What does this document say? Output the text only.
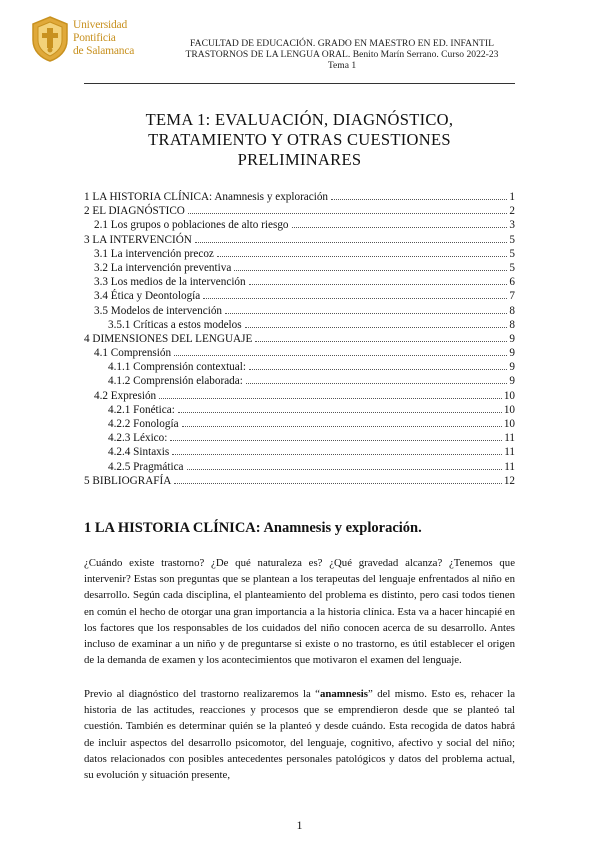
Universidad
Pontificia
de Salamanca
FACULTAD DE EDUCACIÓN. GRADO EN MAESTRO EN ED. INFANTIL
TRASTORNOS DE LA LENGUA ORAL. Benito Marín Serrano. Curso 2022-23
Tema 1
TEMA 1: EVALUACIÓN, DIAGNÓSTICO,
TRATAMIENTO Y OTRAS CUESTIONES
PRELIMINARES
1 LA HISTORIA CLÍNICA: Anamnesis y exploración	1
2 EL DIAGNÓSTICO	2
2.1 Los grupos o poblaciones de alto riesgo	3
3 LA INTERVENCIÓN	5
3.1 La intervención precoz	5
3.2 La intervención preventiva	5
3.3 Los medios de la intervención	6
3.4 Ética y Deontología	7
3.5 Modelos de intervención	8
3.5.1 Críticas a estos modelos	8
4 DIMENSIONES DEL LENGUAJE	9
4.1 Comprensión	9
4.1.1 Comprensión contextual:	9
4.1.2 Comprensión elaborada:	9
4.2 Expresión	10
4.2.1 Fonética:	10
4.2.2 Fonología	10
4.2.3 Léxico:	11
4.2.4 Sintaxis	11
4.2.5 Pragmática	11
5 BIBLIOGRAFÍA	12
1 LA HISTORIA CLÍNICA: Anamnesis y exploración.
¿Cuándo existe trastorno? ¿De qué naturaleza es? ¿Qué gravedad alcanza? ¿Tenemos que intervenir? Estas son preguntas que se plantean a los terapeutas del lenguaje enfrentados al niño en desarrollo. Según cada disciplina, el planteamiento del problema es distinto, pero casi todos tienen en común el hecho de otorgar una gran importancia a la historia clínica. Esta va a hacer hincapié en los factores que los responsables de los cuidados del niño conocen acerca de su desarrollo. Antes incluso de examinar a un niño y de preguntarse si existe o no trastorno, es útil establecer el origen de la demanda de examen y los acontecimientos que motivaron el examen del lenguaje.
Previo al diagnóstico del trastorno realizaremos la “anamnesis” del mismo. Esto es, rehacer la historia de las actitudes, reacciones y procesos que se emprendieron desde que se planteó tal cuestión. También es determinar quién se la planteó y desde cuándo. Esta recogida de datos habrá de incluir aspectos del desarrollo psicomotor, del lenguaje, cognitivo, afectivo y social del niño; datos relacionados con posibles antecedentes personales patológicos y datos del problema actual, su evolución y situación presente,
1
